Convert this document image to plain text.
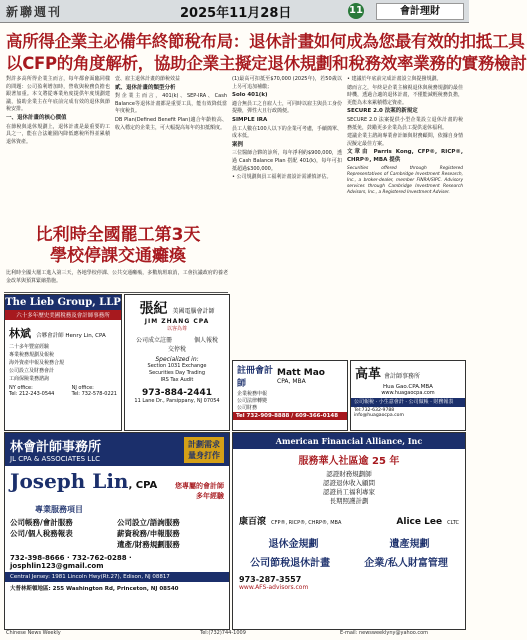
新聯週刊	2025年11月28日	11	會計理財
高所得企業主必備年終節稅布局：退休計畫如何成為您最有效的扣抵工具
以CFP的角度解析，協助企業主擬定退休規劃和稅務效率業務的實務檢討

對許多高所得企業主而言，每年都會面臨同樣的問題：公司盈利增加時，營收與稅務負擔也跟著加重。本文將從專業角度提供年度規劃建議，協助企業主在年底前完成有效的退休與節稅安排。

一、退休計畫的核心價值

在節稅與退休規劃上，退休計畫是最重要的工具之一，能在合法範圍內降低應稅所得並累積退休資產。

壹、雇主退休計畫的節稅效益

貳、退休計畫的類型分析

對企業主而言，401(k)、SEP-IRA、Cash Balance等退休計畫都是重要工具，能有效降低當年度稅負。

DB Plan(Defined Benefit Plan)適合年齡較高、收入穩定的企業主，可大幅提高每年的扣抵額度。

(1)最高可扣抵至$70,000 (2025年)，若50歲以上另可追加補繳；

Solo 401(k)

適合無員工之自雇人士，可同時以雇主與員工身份提撥，彈性大且行政簡便。

SIMPLE IRA

員工人數在100人以下的企業可考慮，手續簡單、成本低。

案例

三位醫師合夥的診所，每年淨利約$900,000，透過 Cash Balance Plan 搭配 401(k)，每年可扣抵超過$300,000。

• 公司規劃與員工福利計畫設計需謹慎評估。

• 建議於年底前完成計畫設立與提撥規劃。

總而言之，年終是企業主檢視退休與稅務規劃的最佳時機，透過合適的退休計畫，不僅能減輕稅務負擔，更能為未來累積穩定資產。

SECURE 2.0 法案的新規定

SECURE 2.0 法案提供小型企業設立退休計畫的稅務抵免，鼓勵更多企業為員工提供退休福利。

建議企業主諮詢專業會計師與財務顧問，依據自身情況擬定最佳方案。

文章由 Parris Kong, CFP®, RICP®, CHRP®, MBA 提供

Securities offered through Registered Representatives of Cambridge Investment Research, Inc., a broker-dealer, member FINRA/SIPC. Advisory services through Cambridge Investment Research Advisors, Inc., a Registered Investment Adviser.

比利時全國罷工第3天
學校停課交通癱瘓
比利時全國大罷工進入第三天，各地學校停課、公共交通癱瘓，多數航班取消，工會抗議政府的養老金改革與預算緊縮措施。
The Lieb Group, LLP
六十多年歷史美國稅務及會計師事務所
林斌 合夥會計師 Henry Lin, CPA
二十多年豐富經驗
專業稅務規劃及報稅
海外資產申報及稅務合規
公司設立及財務會計
工商保險業務諮詢
NY office:
Tel: 212-243-0544
NJ office:
Tel: 732-578-0221
張紀 美國電腦會計師
JIM ZHANG CPA
以客為尊
公司成立註冊	個人報稅
交停稅
Specialized in:
Section 1031 Exchange
Securities Day Trading
IRS Tax Audit
973-884-2441
11 Lane Dr., Parsippany, NJ 07054
註冊會計師
Matt Mao
CPA, MBA
企業稅務申報
公司法律轉變
公司財務
Tel 732-909-8888 / 609-366-0148
高革 會計師事務所
Hua Gao.CPA.MBA
www.huagaocpa.com
公司報稅 · 小生意會計 · 公司做帳 · 財務報表
Tel:732-632-9788
info@huagaocpa.com
林會計師事務所
JL CPA & ASSOCIATES LLC
計劃需求
量身打作
Joseph Lin , CPA	您專屬的會計師
多年經驗
專業服務項目
公司帳務/會計服務
公司/個人稅務報表
公司設立/語詢服務
薪資稅務/申報服務
遺產/財務規劃服務
732-398-8666 · 732-762-0288 · josphlin123@gmail.com
Central Jersey: 1981 Lincoln Hwy(Rt.27), Edison, NJ 08817
大普林斯頓地區: 255 Washington Rd, Princeton, NJ 08540
American Financial Alliance, Inc
服務華人社區逾 25 年
認證財務規劃師
認證退休收入顧問
認證員工福利專家
長期照護計劃
康百滾 CFP®, RICP®, CHRP®, MBA	Alice Lee CLTC
退休金規劃	遺產規劃
公司節稅退休計畫	企業/私人財富管理
973-287-3557
www.AFS-advisors.com
Chinese News Weekly	Tel:(732)744-1009	E-mail: newsweeklyny@yahoo.com
